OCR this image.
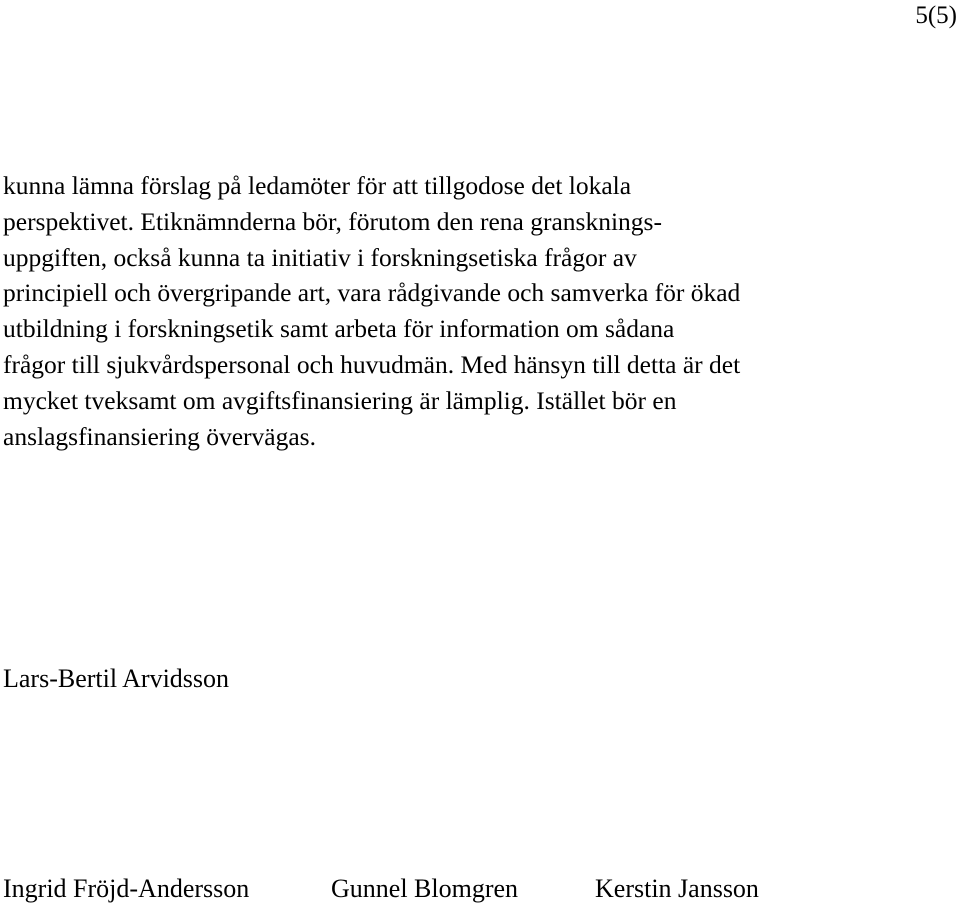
5(5)
kunna lämna förslag på ledamöter för att tillgodose det lokala
perspektivet. Etiknämnderna bör, förutom den rena gransknings-
uppgiften, också kunna ta initiativ i forskningsetiska frågor av
principiell och övergripande art, vara rådgivande och samverka för ökad
utbildning i forskningsetik samt arbeta för information om sådana
frågor till sjukvårdspersonal och huvudmän. Med hänsyn till detta är det
mycket tveksamt om avgiftsfinansiering är lämplig. Istället bör en
anslagsfinansiering övervägas.
Lars-Bertil Arvidsson
Ingrid Fröjd-Andersson	Gunnel Blomgren	Kerstin Jansson
